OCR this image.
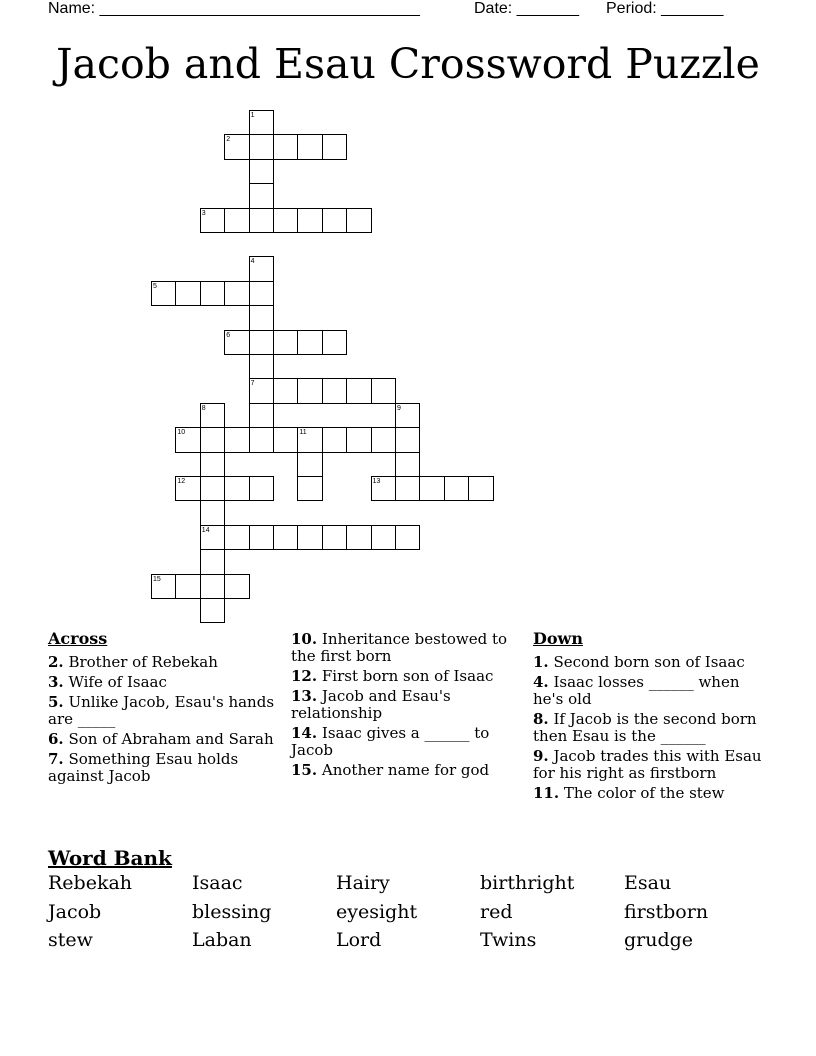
Name: ____________________________________	Date: _______ Period: _______
Jacob and Esau Crossword Puzzle
1
2
3
4
7
5
6
8
14
9
10	11
12	13
15
Across
2. Brother of Rebekah
3. Wife of Isaac
5. Unlike Jacob, Esau's hands are _____
6. Son of Abraham and Sarah
7. Something Esau holds against Jacob
10. Inheritance bestowed to the first born
12. First born son of Isaac
13. Jacob and Esau's relationship
14. Isaac gives a ______ to Jacob
15. Another name for god
Down
1. Second born son of Isaac
4. Isaac losses ______ when he's old
8. If Jacob is the second born then Esau is the ______
9. Jacob trades this with Esau for his right as firstborn
11. The color of the stew
Word Bank
Rebekah	Isaac	Hairy	birthright	Esau
Jacob	blessing	eyesight	red	firstborn
stew	Laban	Lord	Twins	grudge
